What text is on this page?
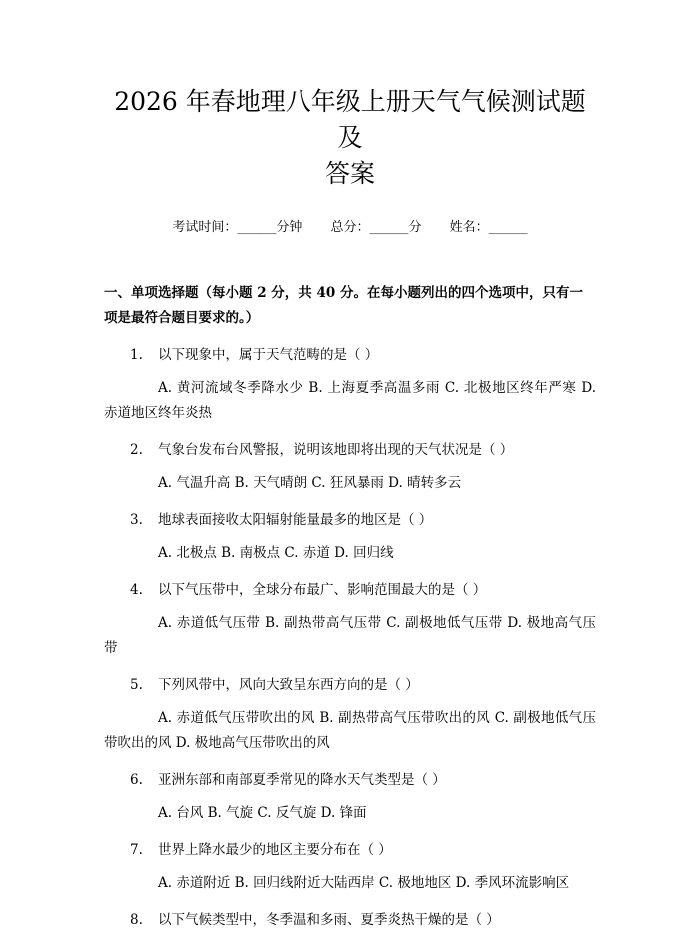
2026 年春地理八年级上册天气气候测试题及
答案
考试时间：______分钟 总分：______分 姓名：______
一、单项选择题（每小题 2 分，共 40 分。在每小题列出的四个选项中，只有一项是最符合题目要求的。）
1.	以下现象中，属于天气范畴的是（ ）
A. 黄河流域冬季降水少 B. 上海夏季高温多雨 C. 北极地区终年严寒 D. 赤道地区终年炎热
2.	气象台发布台风警报，说明该地即将出现的天气状况是（ ）
A. 气温升高 B. 天气晴朗 C. 狂风暴雨 D. 晴转多云
3.	地球表面接收太阳辐射能量最多的地区是（ ）
A. 北极点 B. 南极点 C. 赤道 D. 回归线
4.	以下气压带中，全球分布最广、影响范围最大的是（ ）
A. 赤道低气压带 B. 副热带高气压带 C. 副极地低气压带 D. 极地高气压带
5.	下列风带中，风向大致呈东西方向的是（ ）
A. 赤道低气压带吹出的风 B. 副热带高气压带吹出的风 C. 副极地低气压带吹出的风 D. 极地高气压带吹出的风
6.	亚洲东部和南部夏季常见的降水天气类型是（ ）
A. 台风 B. 气旋 C. 反气旋 D. 锋面
7.	世界上降水最少的地区主要分布在（ ）
A. 赤道附近 B. 回归线附近大陆西岸 C. 极地地区 D. 季风环流影响区
8.	以下气候类型中，冬季温和多雨、夏季炎热干燥的是（ ）
